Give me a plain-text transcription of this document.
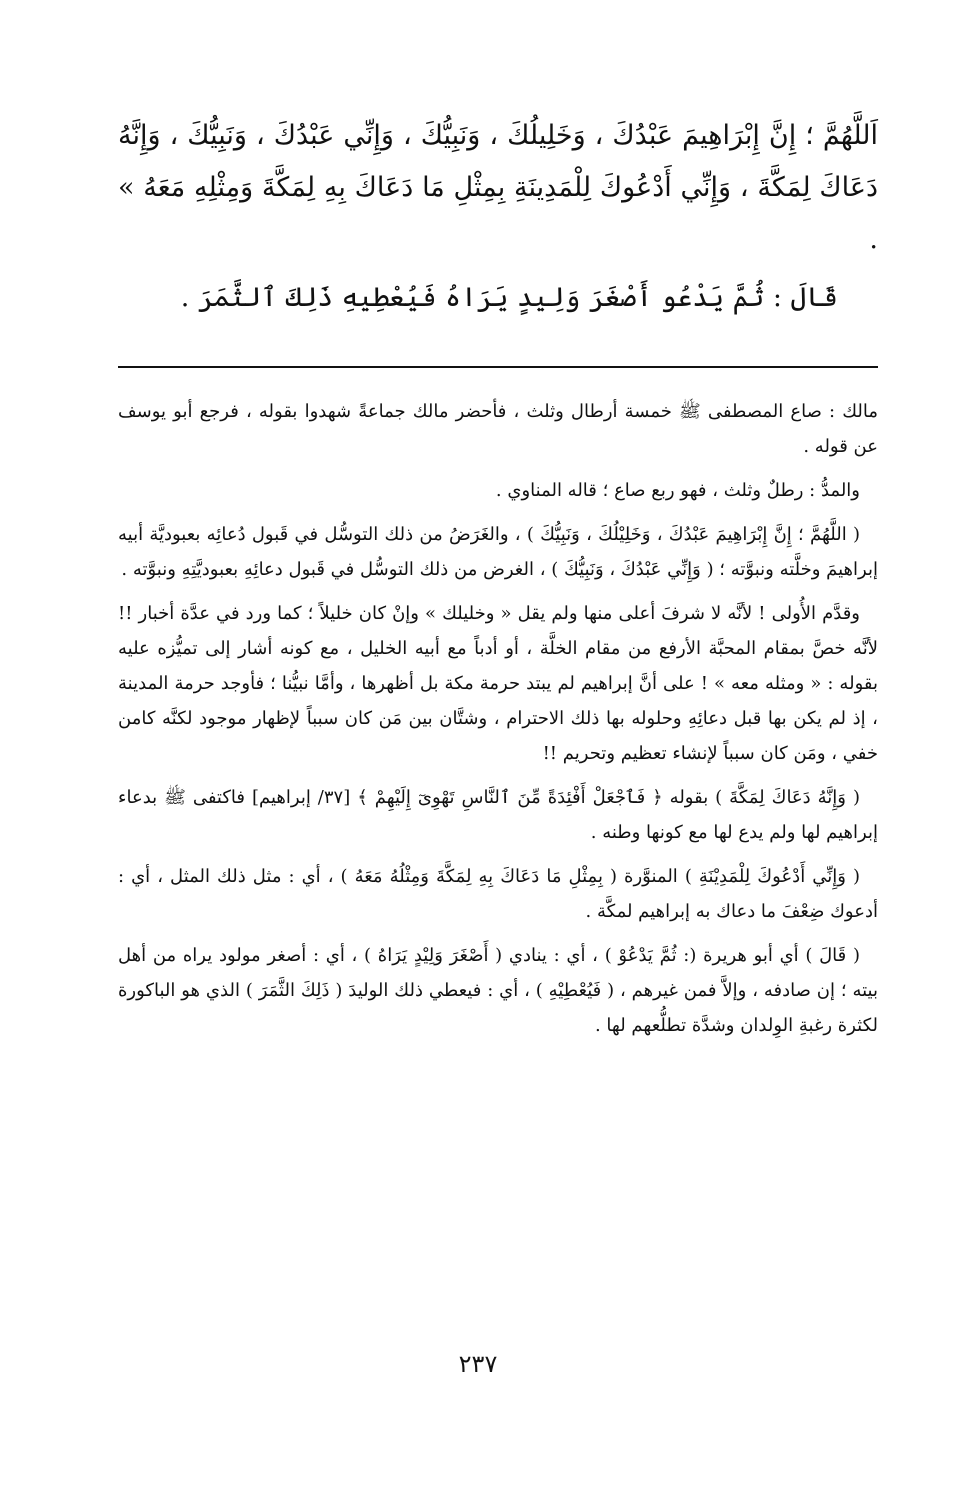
اَللَّهُمَّ ؛ إِنَّ إِبْرَاهِيمَ عَبْدُكَ ، وَخَلِيلُكَ ، وَنَبِيُّكَ ، وَإِنِّي عَبْدُكَ ، وَنَبِيُّكَ ، وَإِنَّهُ دَعَاكَ لِمَكَّةَ ، وَإِنِّي أَدْعُوكَ لِلْمَدِينَةِ بِمِثْلِ مَا دَعَاكَ بِهِ لِمَكَّةَ وَمِثْلِهِ مَعَهُ » .

قَالَ : ثُمَّ يَدْعُو أَصْغَرَ وَلِيدٍ يَرَاهُ فَيُعْطِيهِ ذَلِكَ ٱلثَّمَرَ .

مالك : صاع المصطفى ﷺ خمسة أرطال وثلث ، فأحضر مالك جماعةً شهدوا بقوله ، فرجع أبو يوسف عن قوله .

والمدُّ : رطلٌ وثلث ، فهو ربع صاع ؛ قاله المناوي .

( اللَّهُمَّ ؛ إِنَّ إِبْرَاهِيمَ عَبْدُكَ ، وَخَلِيْلُكَ ، وَنَبِيُّكَ ) ، والغَرَضُ من ذلك التوسُّل في قَبول دُعائِه بعبوديَّة أبيه إبراهيمَ وخلَّته ونبوَّته ؛ ( وَإِنِّي عَبْدُكَ ، وَنَبِيُّكَ ) ، الغرض من ذلك التوسُّل في قَبول دعائِهِ بعبوديَّتِهِ ونبوَّته .

وقدَّم الأُولى ! لأنَّه لا شرفَ أعلى منها ولم يقل « وخليلك » وإنْ كان خليلاً ؛ كما ورد في عدَّة أخبار !! لأنَّه خصَّ بمقام المحبَّة الأرفع من مقام الخلَّة ، أو أدباً مع أبيه الخليل ، مع كونه أشار إلى تميُّزه عليه بقوله : « ومثله معه » ! على أنَّ إبراهيم لم يبتد حرمة مكة بل أظهرها ، وأمَّا نبيُّنا ؛ فأوجد حرمة المدينة ، إذ لم يكن بها قبل دعائِهِ وحلوله بها ذلك الاحترام ، وشتَّان بين مَن كان سبباً لإظهار موجود لكنَّه كامن خفي ، ومَن كان سبباً لإنشاء تعظيم وتحريم !!

( وَإِنَّهُ دَعَاكَ لِمَكَّةَ ) بقوله ﴿ فَٱجْعَلْ أَفْئِدَةً مِّنَ ٱلنَّاسِ تَهْوِىٓ إِلَيْهِمْ ﴾ [٣٧/ إبراهيم] فاكتفى ﷺ بدعاء إبراهيم لها ولم يدع لها مع كونها وطنه .

( وَإِنِّي أَدْعُوكَ لِلْمَدِيْنَةِ ) المنوَّرة ( بِمِثْلِ مَا دَعَاكَ بِهِ لِمَكَّةَ وَمِثْلُهُ مَعَهُ ) ، أي : مثل ذلك المثل ، أي : أدعوك ضِعْفَ ما دعاك به إبراهيم لمكَّة .

( قَالَ ) أي أبو هريرة (: ثُمَّ يَدْعُوْ ) ، أي : ينادي ( أَصْغَرَ وَلِيْدٍ يَرَاهُ ) ، أي : أصغر مولود يراه من أهل بيته ؛ إن صادفه ، وإلاَّ فمن غيرهم ، ( فَيُعْطِيْهِ ) ، أي : فيعطي ذلك الوليدَ ( ذَلِكَ الثَّمَرَ ) الذي هو الباكورة لكثرة رغبةِ الوِلدان وشدَّة تطلُّعهم لها .

٢٣٧
